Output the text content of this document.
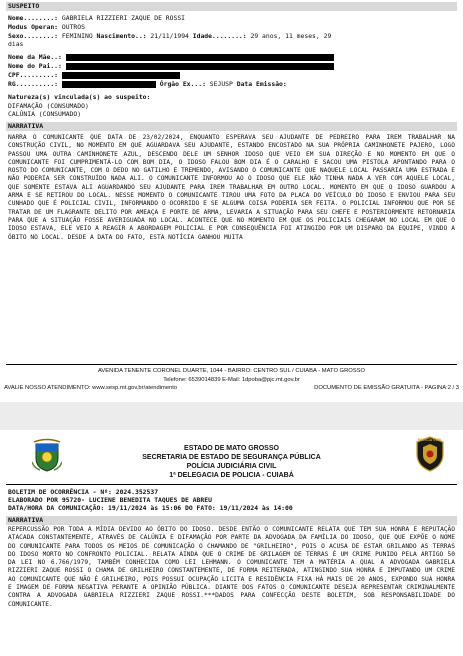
SUSPEITO
Nome........: GABRIELA RIZZIERI ZAQUE DE ROSSI
Modus Operan: OUTROS
Sexo........: FEMININO Nascimento..: 21/11/1994 Idade........: 29 anos, 11 meses, 29
dias
Nome da Mãe..:
Nome do Pai..:
CPF.........:
RG..........:	Órgão Ex...: SEJUSP Data Emissão:
Natureza(s) vinculada(s) ao suspeito:
DIFAMAÇÃO (CONSUMADO)
CALÚNIA (CONSUMADO)
NARRATIVA
NARRA O COMUNICANTE QUE DATA DE 23/02/2024, ENQUANTO ESPERAVA SEU AJUDANTE DE PEDREIRO PARA IREM TRABALHAR NA CONSTRUÇÃO CIVIL, NO MOMENTO EM QUE AGUARDAVA SEU AJUDANTE, ESTANDO ENCOSTADO NA SUA PRÓPRIA CAMINHONETE PAJERO, LOGO PASSOU UMA OUTRA CAMINHONETE AZUL, DESCENDO DELE UM SENHOR IDOSO QUE VEIO EM SUA DIREÇÃO E NO MOMENTO EM QUE O COMUNICANTE FOI CUMPRIMENTÁ-LO COM BOM DIA, O IDOSO FALOU BOM DIA É O CARALHO E SACOU UMA PISTOLA APONTANDO PARA O ROSTO DO COMUNICANTE, COM O DEDO NO GATILHO E TREMENDO, AVISANDO O COMUNICANTE QUE NAQUELE LOCAL PASSARIA UMA ESTRADA E NÃO PODERIA SER CONSTRUÍDO NADA ALI. O COMUNICANTE INFORMOU AO O IDOSO QUE ELE NÃO TINHA NADA A VER COM AQUELE LOCAL, QUE SOMENTE ESTAVA ALI AGUARDANDO SEU AJUDANTE PARA IREM TRABALHAR EM OUTRO LOCAL. MOMENTO EM QUE O IDOSO GUARDOU A ARMA E SE RETIROU DO LOCAL. NESSE MOMENTO O COMUNICANTE TIROU UMA FOTO DA PLACA DO VEÍCULO DO IDOSO E ENVIOU PARA SEU CUNHADO QUE É POLICIAL CIVIL, INFORMANDO O OCORRIDO E SE ALGUMA COISA PODERIA SER FEITA. O POLICIAL INFORMOU QUE POR SE TRATAR DE UM FLAGRANTE DELITO POR AMEAÇA E PORTE DE ARMA, LEVARIA A SITUAÇÃO PARA SEU CHEFE E POSTERIORMENTE RETORNARIA PARA QUE A SITUAÇÃO FOSSE AVERIGUADA NO LOCAL. ACONTECE QUE NO MOMENTO EM QUE OS POLICIAIS CHEGARAM NO LOCAL EM QUE O IDOSO ESTAVA, ELE VEIO A REAGIR A ABORDAGEM POLICIAL E POR CONSEQUÊNCIA FOI ATINGIDO POR UM DISPARO DA EQUIPE, VINDO A ÓBITO NO LOCAL. DESDE A DATA DO FATO, ESTA NOTÍCIA GANHOU MUITA
AVENIDA TENENTE CORONEL DUARTE, 1044 - BAIRRO: CENTRO SUL / CUIABA - MATO GROSSO
Telefone: 6539014839 E-Mail: 1dpoba@pjc.mt.gov.br
AVALIE NOSSO ATENDIMENTO: www.sesp.mt.gov.br/atendimento	DOCUMENTO DE EMISSÃO GRATUITA - PAGINA:2 / 3
ESTADO DE MATO GROSSO
SECRETARIA DE ESTADO DE SEGURANÇA PÚBLICA
POLÍCIA JUDICIÁRIA CIVIL
1ª DELEGACIA DE POLICIA - CUIABÁ
POLÍCIA CIVIL
BOLETIM DE OCORRÊNCIA - Nº: 2024.352537
ELABORADO POR 95720- LUCIENE BENEDITA TAQUES DE ABREU
DATA/HORA DA COMUNICAÇÃO: 19/11/2024 às 15:06 DO FATO: 19/11/2024 às 14:00
NARRATIVA
REPERCUSSÃO POR TODA A MÍDIA DEVIDO AO ÓBITO DO IDOSO. DESDE ENTÃO O COMUNICANTE RELATA QUE TEM SUA HONRA E REPUTAÇÃO ATACADA CONSTANTEMENTE, ATRAVÉS DE CALÚNIA E DIFAMAÇÃO POR PARTE DA ADVOGADA DA FAMÍLIA DO IDOSO, QUE QUE EXPÕE O NOME DO COMUNICANTE PARA TODOS OS MEIOS DE COMUNICAÇÃO O CHAMANDO DE "GRILHEIRO", POIS O ACUSA DE ESTAR GRILANDO AS TERRAS DO IDOSO MORTO NO CONFRONTO POLICIAL. RELATA AINDA QUE O CRIME DE GRILAGEM DE TERRAS É UM CRIME PUNIDO PELA ARTIGO 50 DA LEI NO 6.766/1979, TAMBÉM CONHECIDA COMO LEI LEHMANN. O COMUNICANTE TEM A MATÉRIA A QUAL A ADVOGADA GABRIELA RIZZIERI ZAQUE ROSSI O CHAMA DE GRILHEIRO CONSTANTEMENTE, DE FORMA REITERADA, ATINGINDO SUA HONRA E IMPUTANDO UM CRIME AO COMUNICANTE QUE NÃO É GRILHEIRO, POIS POSSUI OCUPAÇÃO LICITA E RESIDÊNCIA FIXA HÁ MAIS DE 20 ANOS, EXPONDO SUA HONRA E IMAGEM DE FORMA NEGATIVA PERANTE A OPINIÃO PÚBLICA. DIANTE DOS FATOS O COMUNICANTE DESEJA REPRESENTAR CRIMINALMENTE CONTRA A ADVOGADA GABRIELA RIZZIERI ZAQUE ROSSI.***DADOS PARA CONFECÇÃO DESTE BOLETIM, SOB RESPONSABILIDADE DO COMUNICANTE.
